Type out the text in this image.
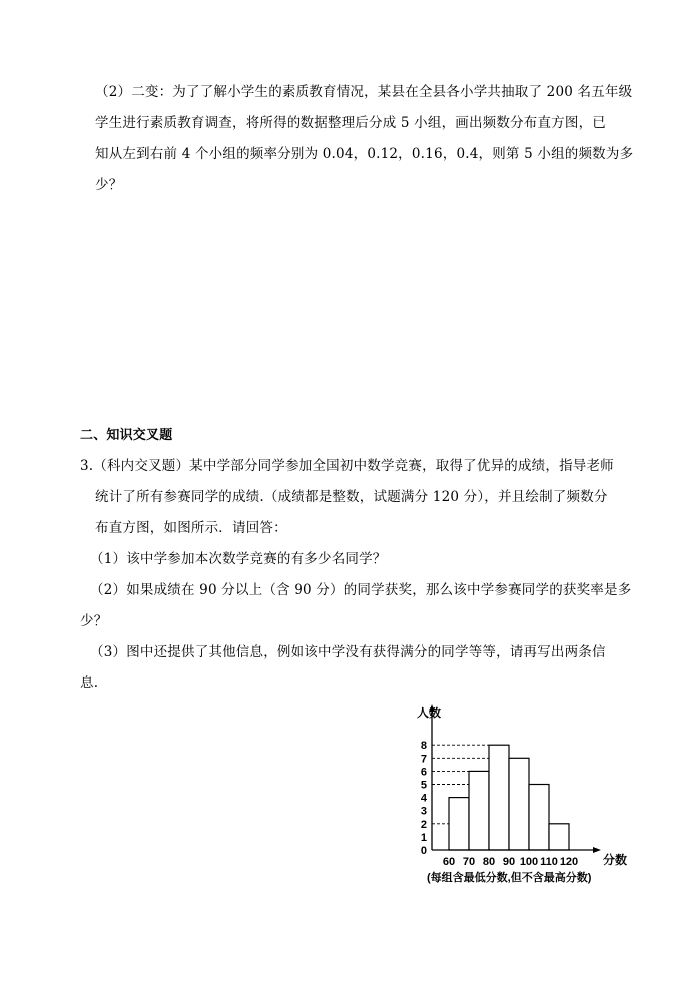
（2）二变：为了了解小学生的素质教育情况，某县在全县各小学共抽取了 200 名五年级
学生进行素质教育调查，将所得的数据整理后分成 5 小组，画出频数分布直方图，已
知从左到右前 4 个小组的频率分别为 0.04，0.12，0.16，0.4，则第 5 小组的频数为多
少？
二、知识交叉题
3.（科内交叉题）某中学部分同学参加全国初中数学竞赛，取得了优异的成绩，指导老师
统计了所有参赛同学的成绩.（成绩都是整数，试题满分 120 分），并且绘制了频数分
布直方图，如图所示．请回答：
（1）该中学参加本次数学竞赛的有多少名同学？
（2）如果成绩在 90 分以上（含 90 分）的同学获奖，那么该中学参赛同学的获奖率是多
少？
（3）图中还提供了其他信息，例如该中学没有获得满分的同学等等，请再写出两条信
息.
0
1
2
3
4
5
6
7
8
60 70 80 90 100 110 120
人数
分数
(每组含最低分数,但不含最高分数)
